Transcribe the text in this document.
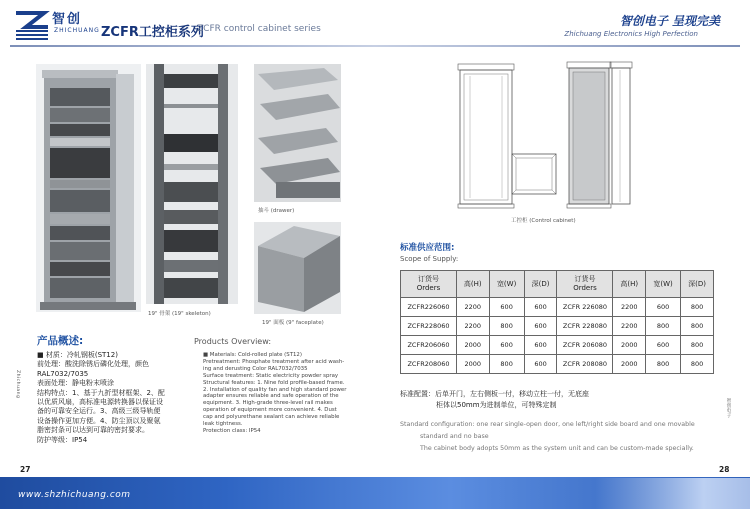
智创
ZHICHUANG ZCFR工控柜系列
ZCFR control cabinet series
智创电子 呈现完美
Zhichuang Electronics High Perfection
19" 骨架 (19" skeleton)
抽斗 (drawer)
19" 面板 (9" faceplate)
Zhichuang
产品概述:
■ 材质：冷轧钢板(ST12)
前处理：酸洗除锈后磷化处理，颜色
RAL7032/7035
表面处理：静电粉末喷涂
结构特点：1、基于九折型材框架、2、配
以优质风扇，高标准电源转换器以保证设
备的可靠安全运行。3、高级三级导轨便
设备操作更加方便。4、防尘顶以及聚氨
脂密封条可以达到可靠的密封要求。
防护等级：IP54
Products Overview:
■ Materials: Cold-rolled plate (ST12)
Pretreatment: Phosphate treatment after acid wash-
ing and derusting Color RAL7032/7035
Surface treatment: Static electricity powder spray
Structural features: 1. Nine fold profile-based frame.
2. Installation of quality fan and high standard power
adapter ensures reliable and safe operation of the
equipment. 3. High-grade three-level rail makes
operation of equipment more convenient. 4. Dust
cap and polyurethane sealant can achieve reliable
leak tightness.
Protection class: IP54
工控柜 (Control cabinet)
标准供应范围:
Scope of Supply:
订货号
Orders	高(H)	宽(W)	深(D)	订货号
Orders	高(H)	宽(W)	深(D)
ZCFR226060	2200	600	600	ZCFR 226080	2200	600	800
ZCFR228060	2200	800	600	ZCFR 228080	2200	800	800
ZCFR206060	2000	600	600	ZCFR 206080	2000	600	800
ZCFR208060	2000	800	600	ZCFR 208080	2000	800	800
标准配置：后单开门，左右侧板一付，移动立柱一付，无底座
柜体以50mm为进制单位，可特殊定制
Standard configuration: one rear single-open door, one left/right side board and one movable
standard and no base
The cabinet body adopts 50mm as the system unit and can be custom-made specially.
智创电子
27	28
www.shzhichuang.com
